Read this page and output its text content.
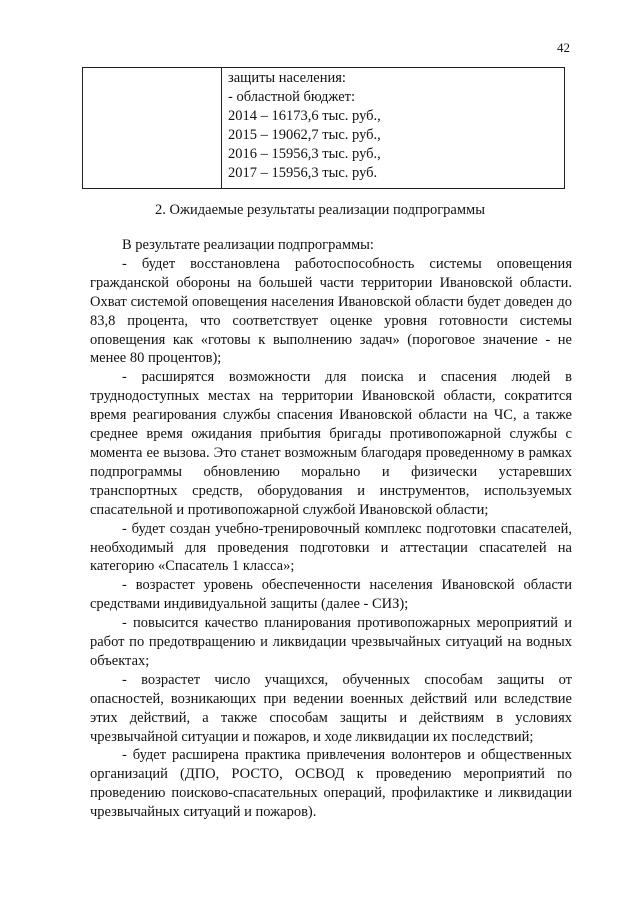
42

защиты населения:
- областной бюджет:
2014 – 16173,6 тыс. руб.,
2015 – 19062,7 тыс. руб.,
2016 – 15956,3 тыс. руб.,
2017 – 15956,3 тыс. руб.
2. Ожидаемые результаты реализации подпрограммы

В результате реализации подпрограммы:

- будет восстановлена работоспособность системы оповещения гражданской обороны на большей части территории Ивановской области. Охват системой оповещения населения Ивановской области будет доведен до 83,8 процента, что соответствует оценке уровня готовности системы оповещения как «готовы к выполнению задач» (пороговое значение - не менее 80 процентов);

- расширятся возможности для поиска и спасения людей в труднодоступных местах на территории Ивановской области, сократится время реагирования службы спасения Ивановской области на ЧС, а также среднее время ожидания прибытия бригады противопожарной службы с момента ее вызова. Это станет возможным благодаря проведенному в рамках подпрограммы обновлению морально и физически устаревших транспортных средств, оборудования и инструментов, используемых спасательной и противопожарной службой Ивановской области;

- будет создан учебно-тренировочный комплекс подготовки спасателей, необходимый для проведения подготовки и аттестации спасателей на категорию «Спасатель 1 класса»;

- возрастет уровень обеспеченности населения Ивановской области средствами индивидуальной защиты (далее - СИЗ);

- повысится качество планирования противопожарных мероприятий и работ по предотвращению и ликвидации чрезвычайных ситуаций на водных объектах;

- возрастет число учащихся, обученных способам защиты от опасностей, возникающих при ведении военных действий или вследствие этих действий, а также способам защиты и действиям в условиях чрезвычайной ситуации и пожаров, и ходе ликвидации их последствий;

- будет расширена практика привлечения волонтеров и общественных организаций (ДПО, РОСТО, ОСВОД к проведению мероприятий по проведению поисково-спасательных операций, профилактике и ликвидации чрезвычайных ситуаций и пожаров).
